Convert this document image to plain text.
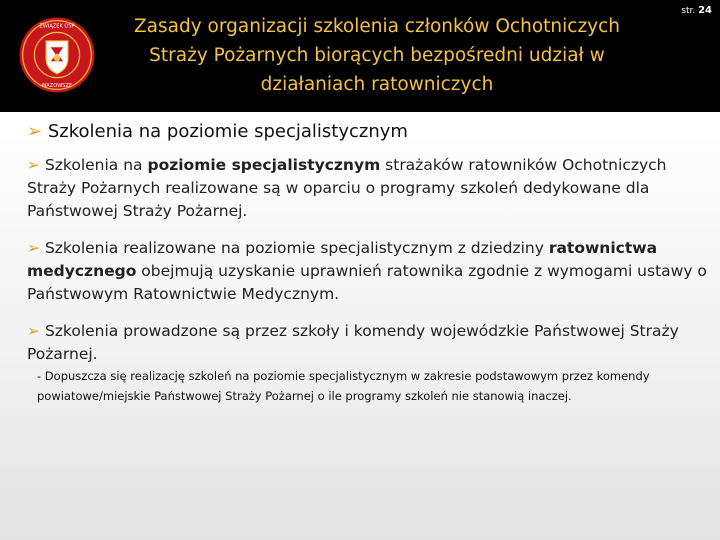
ZWIĄZEK OSP
MAZOWSZE
Zasady organizacji szkolenia członków Ochotniczych Straży Pożarnych biorących bezpośredni udział w działaniach ratowniczych
str. 24
➢ Szkolenia na poziomie specjalistycznym
➢ Szkolenia na poziomie specjalistycznym strażaków ratowników Ochotniczych Straży Pożarnych realizowane są w oparciu o programy szkoleń dedykowane dla Państwowej Straży Pożarnej.
➢ Szkolenia realizowane na poziomie specjalistycznym z dziedziny ratownictwa medycznego obejmują uzyskanie uprawnień ratownika zgodnie z wymogami ustawy o Państwowym Ratownictwie Medycznym.
➢ Szkolenia prowadzone są przez szkoły i komendy wojewódzkie Państwowej Straży Pożarnej.
- Dopuszcza się realizację szkoleń na poziomie specjalistycznym w zakresie podstawowym przez komendy powiatowe/miejskie Państwowej Straży Pożarnej o ile programy szkoleń nie stanowią inaczej.
